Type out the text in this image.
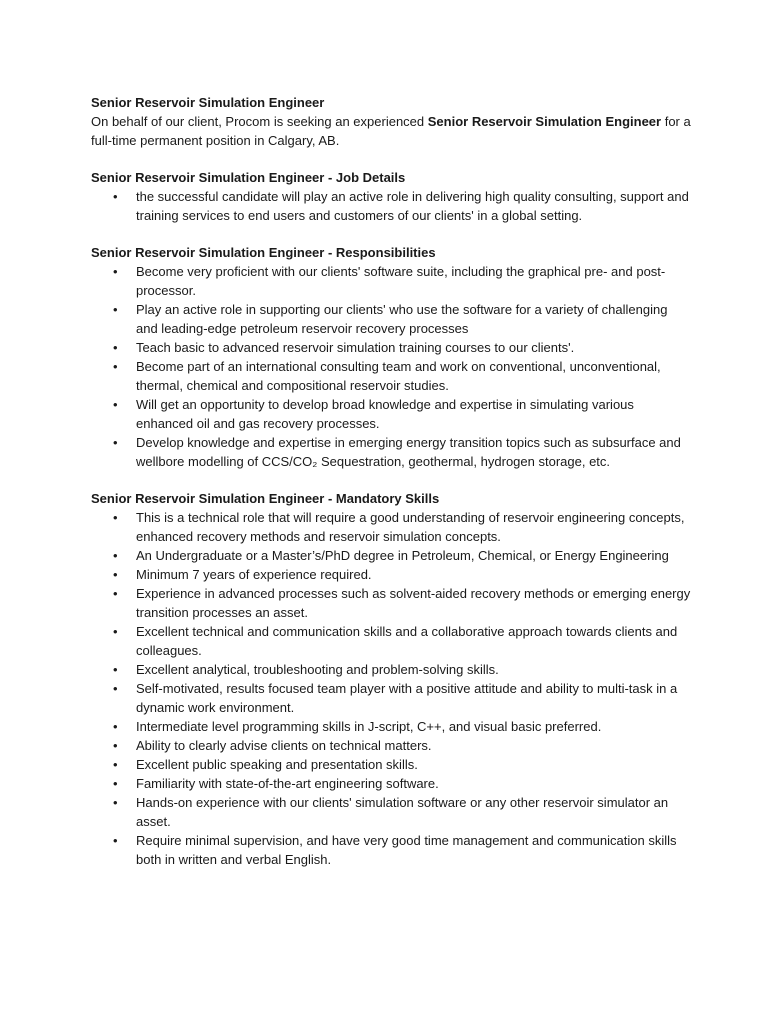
Senior Reservoir Simulation Engineer

On behalf of our client, Procom is seeking an experienced Senior Reservoir Simulation Engineer for a full-time permanent position in Calgary, AB.

Senior Reservoir Simulation Engineer - Job Details

• the successful candidate will play an active role in delivering high quality consulting, support and training services to end users and customers of our clients' in a global setting.

Senior Reservoir Simulation Engineer - Responsibilities

• Become very proficient with our clients' software suite, including the graphical pre- and post-processor.
• Play an active role in supporting our clients' who use the software for a variety of challenging and leading-edge petroleum reservoir recovery processes
• Teach basic to advanced reservoir simulation training courses to our clients'.
• Become part of an international consulting team and work on conventional, unconventional, thermal, chemical and compositional reservoir studies.
• Will get an opportunity to develop broad knowledge and expertise in simulating various enhanced oil and gas recovery processes.
• Develop knowledge and expertise in emerging energy transition topics such as subsurface and wellbore modelling of CCS/CO₂ Sequestration, geothermal, hydrogen storage, etc.

Senior Reservoir Simulation Engineer - Mandatory Skills

• This is a technical role that will require a good understanding of reservoir engineering concepts, enhanced recovery methods and reservoir simulation concepts.
• An Undergraduate or a Master’s/PhD degree in Petroleum, Chemical, or Energy Engineering
• Minimum 7 years of experience required.
• Experience in advanced processes such as solvent-aided recovery methods or emerging energy transition processes an asset.
• Excellent technical and communication skills and a collaborative approach towards clients and colleagues.
• Excellent analytical, troubleshooting and problem-solving skills.
• Self-motivated, results focused team player with a positive attitude and ability to multi-task in a dynamic work environment.
• Intermediate level programming skills in J-script, C++, and visual basic preferred.
• Ability to clearly advise clients on technical matters.
• Excellent public speaking and presentation skills.
• Familiarity with state-of-the-art engineering software.
• Hands-on experience with our clients' simulation software or any other reservoir simulator an asset.
• Require minimal supervision, and have very good time management and communication skills both in written and verbal English.
